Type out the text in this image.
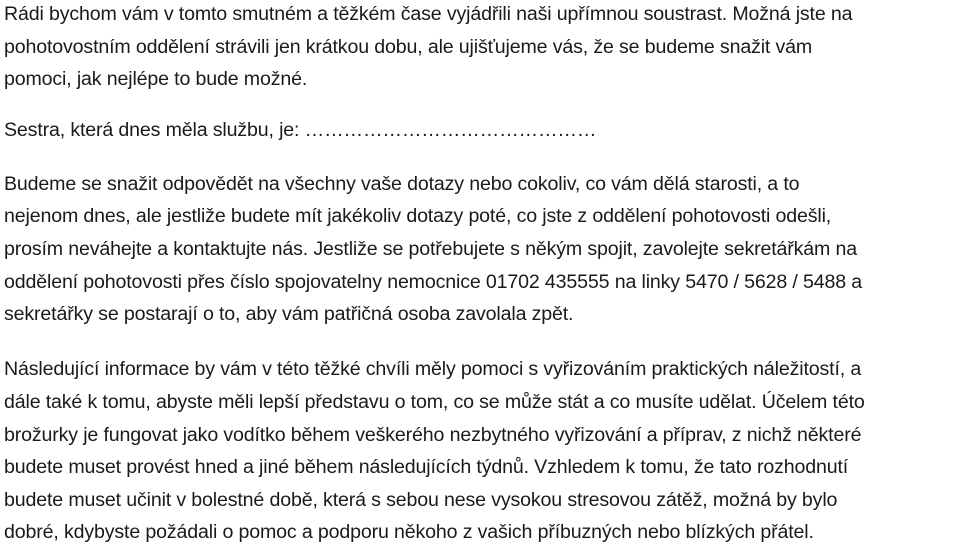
Rádi bychom vám v tomto smutném a těžkém čase vyjádřili naši upřímnou soustrast. Možná jste na
pohotovostním oddělení strávili jen krátkou dobu, ale ujišťujeme vás, že se budeme snažit vám
pomoci, jak nejlépe to bude možné.
Sestra, která dnes měla službu, je: ………………………………………
Budeme se snažit odpovědět na všechny vaše dotazy nebo cokoliv, co vám dělá starosti, a to
nejenom dnes, ale jestliže budete mít jakékoliv dotazy poté, co jste z oddělení pohotovosti odešli,
prosím neváhejte a kontaktujte nás. Jestliže se potřebujete s někým spojit, zavolejte sekretářkám na
oddělení pohotovosti přes číslo spojovatelny nemocnice 01702 435555 na linky 5470 / 5628 / 5488 a
sekretářky se postarají o to, aby vám patřičná osoba zavolala zpět.
Následující informace by vám v této těžké chvíli měly pomoci s vyřizováním praktických náležitostí, a
dále také k tomu, abyste měli lepší představu o tom, co se může stát a co musíte udělat. Účelem této
brožurky je fungovat jako vodítko během veškerého nezbytného vyřizování a příprav, z nichž některé
budete muset provést hned a jiné během následujících týdnů. Vzhledem k tomu, že tato rozhodnutí
budete muset učinit v bolestné době, která s sebou nese vysokou stresovou zátěž, možná by bylo
dobré, kdybyste požádali o pomoc a podporu někoho z vašich příbuzných nebo blízkých přátel.
